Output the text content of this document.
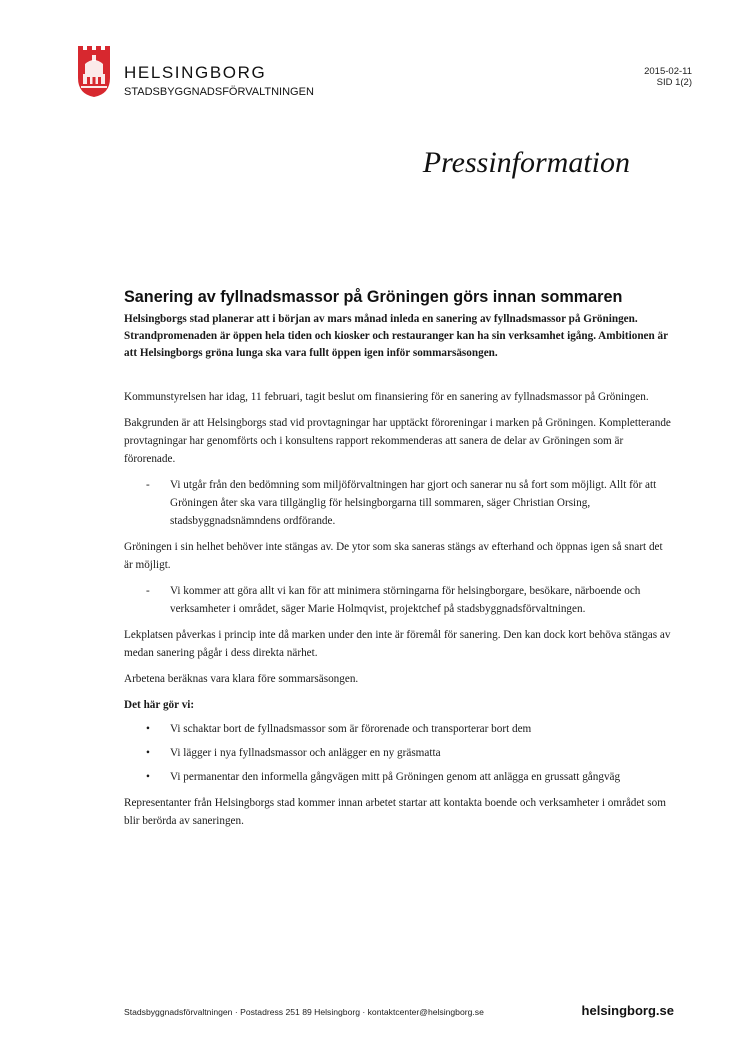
HELSINGBORG
STADSBYGGNADSFÖRVALTNINGEN
2015-02-11
SID 1(2)
Pressinformation
Sanering av fyllnadsmassor på Gröningen görs innan sommaren
Helsingborgs stad planerar att i början av mars månad inleda en sanering av fyllnadsmassor på Gröningen. Strandpromenaden är öppen hela tiden och kiosker och restauranger kan ha sin verksamhet igång. Ambitionen är att Helsingborgs gröna lunga ska vara fullt öppen igen inför sommarsäsongen.

Kommunstyrelsen har idag, 11 februari, tagit beslut om finansiering för en sanering av fyllnadsmassor på Gröningen.

Bakgrunden är att Helsingborgs stad vid provtagningar har upptäckt föroreningar i marken på Gröningen. Kompletterande provtagningar har genomförts och i konsultens rapport rekommenderas att sanera de delar av Gröningen som är förorenade.

- Vi utgår från den bedömning som miljöförvaltningen har gjort och sanerar nu så fort som möjligt. Allt för att Gröningen åter ska vara tillgänglig för helsingborgarna till sommaren, säger Christian Orsing, stadsbyggnadsnämndens ordförande.

Gröningen i sin helhet behöver inte stängas av. De ytor som ska saneras stängs av efterhand och öppnas igen så snart det är möjligt.

- Vi kommer att göra allt vi kan för att minimera störningarna för helsingborgare, besökare, närboende och verksamheter i området, säger Marie Holmqvist, projektchef på stadsbyggnadsförvaltningen.

Lekplatsen påverkas i princip inte då marken under den inte är föremål för sanering. Den kan dock kort behöva stängas av medan sanering pågår i dess direkta närhet.

Arbetena beräknas vara klara före sommarsäsongen.

Det här gör vi:
• Vi schaktar bort de fyllnadsmassor som är förorenade och transporterar bort dem
• Vi lägger i nya fyllnadsmassor och anlägger en ny gräsmatta
• Vi permanentar den informella gångvägen mitt på Gröningen genom att anlägga en grussatt gångväg

Representanter från Helsingborgs stad kommer innan arbetet startar att kontakta boende och verksamheter i området som blir berörda av saneringen.

Stadsbyggnadsförvaltningen · Postadress 251 89 Helsingborg · kontaktcenter@helsingborg.se	helsingborg.se
